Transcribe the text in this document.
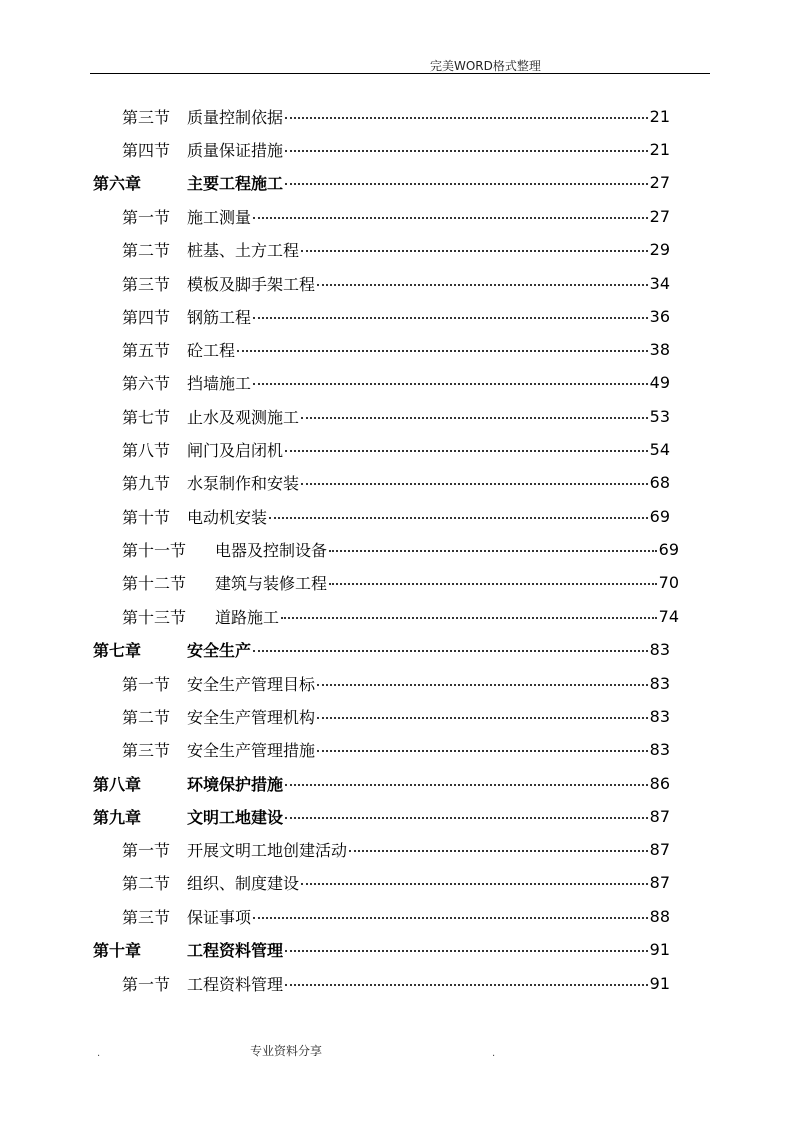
完美WORD格式整理
第三节	质量控制依据	21
第四节	质量保证措施	21
第六章	主要工程施工	27
第一节	施工测量	27
第二节	桩基、土方工程	29
第三节	模板及脚手架工程	34
第四节	钢筋工程	36
第五节	砼工程	38
第六节	挡墙施工	49
第七节	止水及观测施工	53
第八节	闸门及启闭机	54
第九节	水泵制作和安装	68
第十节	电动机安装	69
第十一节	电器及控制设备	69
第十二节	建筑与装修工程	70
第十三节	道路施工	74
第七章	安全生产	83
第一节	安全生产管理目标	83
第二节	安全生产管理机构	83
第三节	安全生产管理措施	83
第八章	环境保护措施	86
第九章	文明工地建设	87
第一节	开展文明工地创建活动	87
第二节	组织、制度建设	87
第三节	保证事项	88
第十章	工程资料管理	91
第一节	工程资料管理	91
.	专业资料分享	.
